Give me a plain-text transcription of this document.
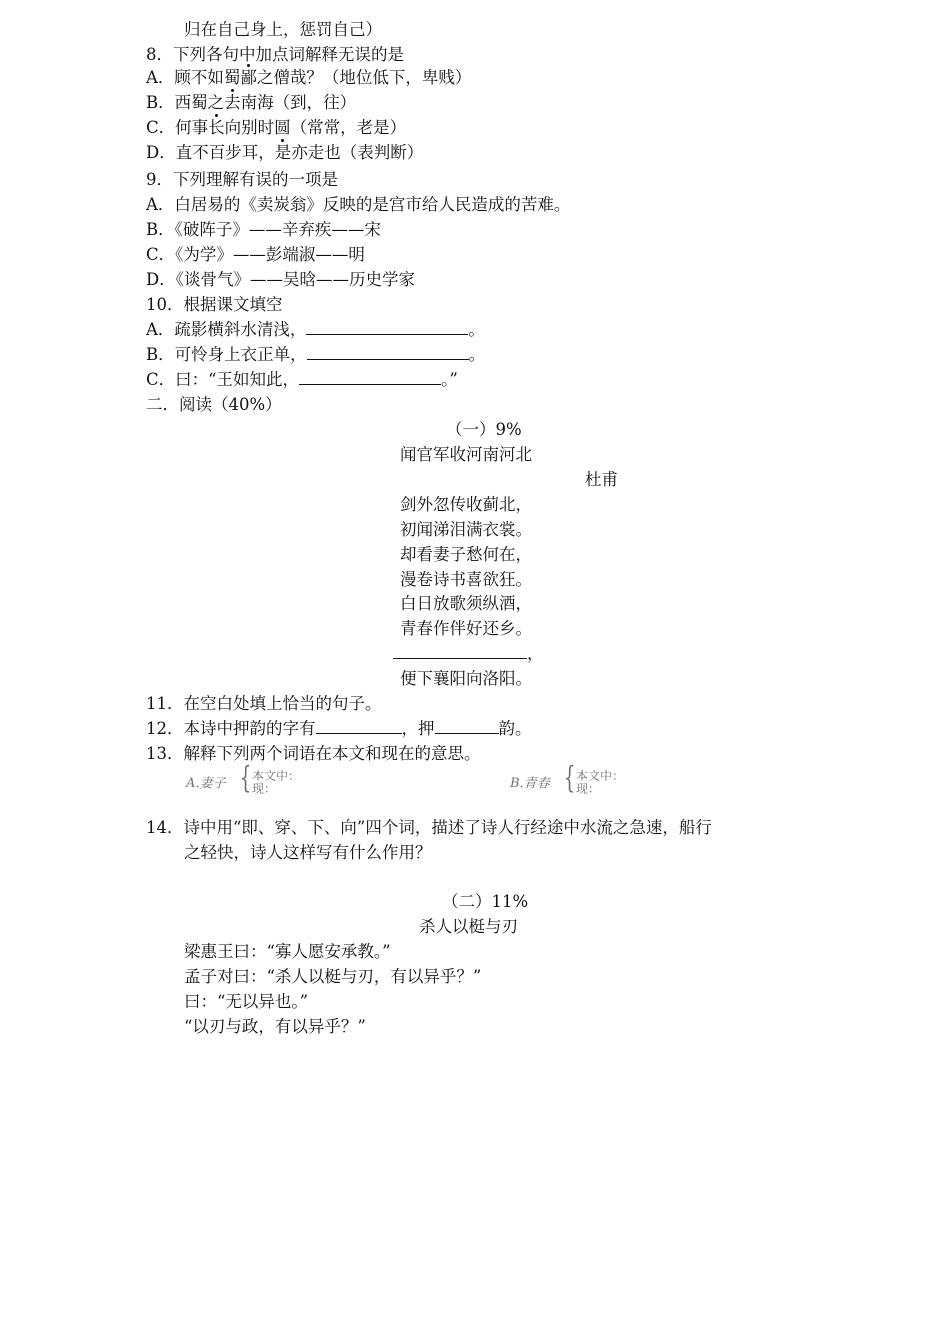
归在自己身上，惩罚自己）
8．下列各句中加点词解释无误的是
A．顾不如蜀鄙之僧哉？（地位低下，卑贱）
B．西蜀之去南海（到，往）
C．何事长向别时圆（常常，老是）
D．直不百步耳，是亦走也（表判断）
9．下列理解有误的一项是
A．白居易的《卖炭翁》反映的是宫市给人民造成的苦难。
B．《破阵子》——辛弃疾——宋
C．《为学》——彭端淑——明
D．《谈骨气》——吴晗——历史学家
10．根据课文填空
A．疏影横斜水清浅，	。
B．可怜身上衣正单，	。
C．曰：“王如知此，	。”
二．阅读（40%）
（一）9%
闻官军收河南河北
杜甫
剑外忽传收蓟北，
初闻涕泪满衣裳。
却看妻子愁何在，
漫卷诗书喜欲狂。
白日放歌须纵酒，
青春作伴好还乡。
，
便下襄阳向洛阳。
11．在空白处填上恰当的句子。
12．本诗中押韵的字有	，押	韵。
13．解释下列两个词语在本文和现在的意思。
A.妻子 { 本文中：
现：	B.青春 { 本文中：
现：
14．诗中用“即、穿、下、向”四个词，描述了诗人行经途中水流之急速，船行
之轻快，诗人这样写有什么作用？
（二）11%
杀人以梃与刃
梁惠王曰：“寡人愿安承教。”
孟子对曰：“杀人以梃与刃，有以异乎？”
曰：“无以异也。”
“以刃与政，有以异乎？”
